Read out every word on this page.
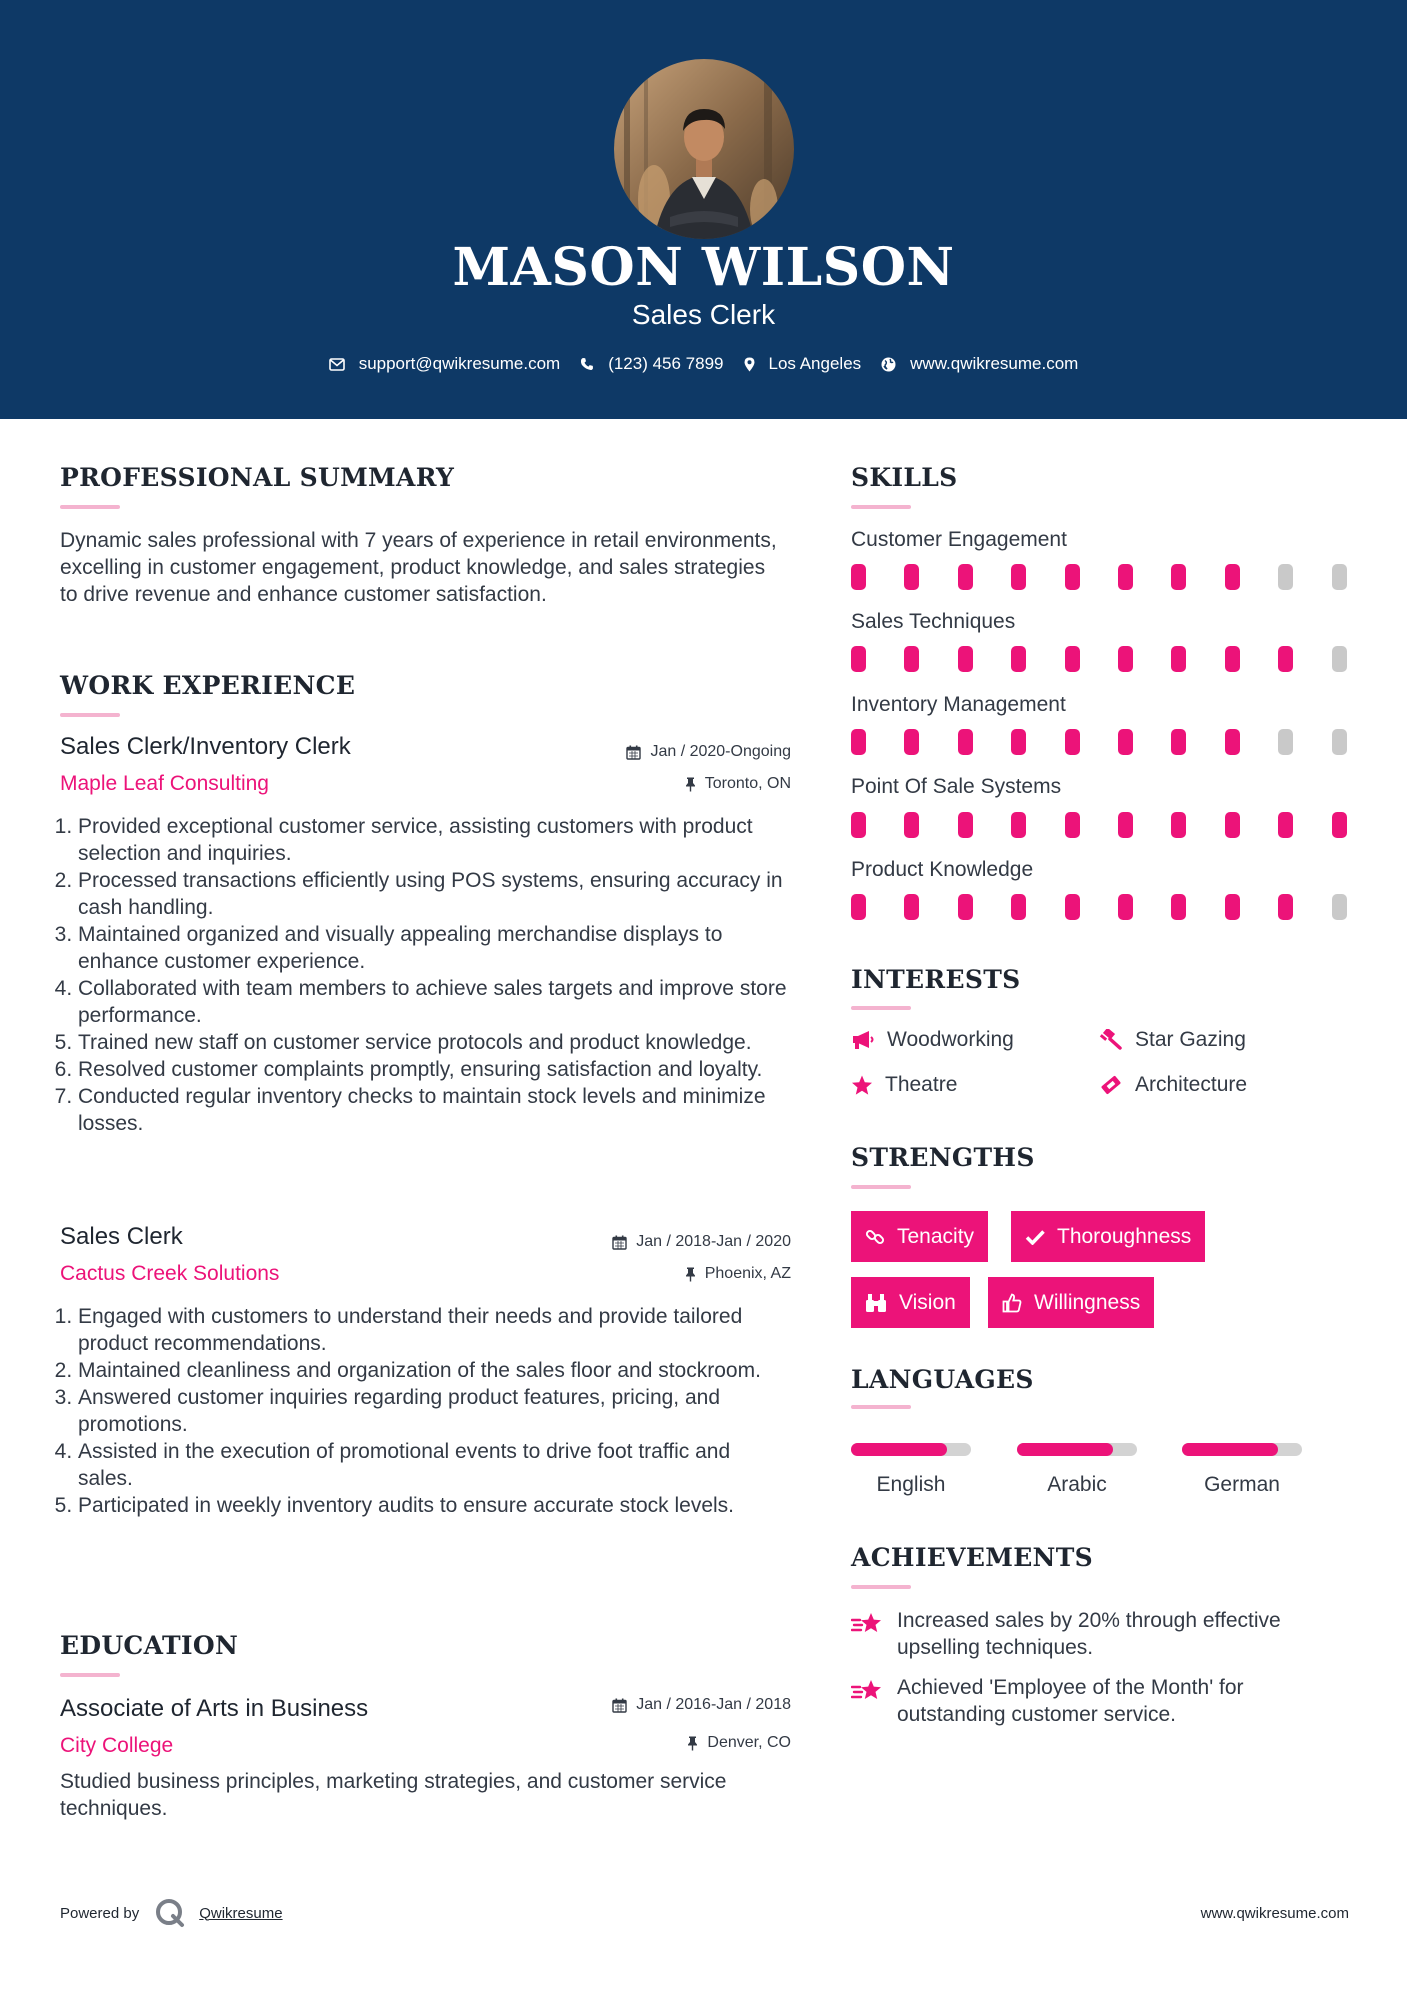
MASON WILSON
Sales Clerk
support@qwikresume.com	(123) 456 7899	Los Angeles	www.qwikresume.com
PROFESSIONAL SUMMARY
Dynamic sales professional with 7 years of experience in retail environments, excelling in customer engagement, product knowledge, and sales strategies to drive revenue and enhance customer satisfaction.
WORK EXPERIENCE
Sales Clerk/Inventory Clerk	Jan / 2020-Ongoing
Maple Leaf Consulting	Toronto, ON
1. Provided exceptional customer service, assisting customers with product selection and inquiries.
2. Processed transactions efficiently using POS systems, ensuring accuracy in cash handling.
3. Maintained organized and visually appealing merchandise displays to enhance customer experience.
4. Collaborated with team members to achieve sales targets and improve store performance.
5. Trained new staff on customer service protocols and product knowledge.
6. Resolved customer complaints promptly, ensuring satisfaction and loyalty.
7. Conducted regular inventory checks to maintain stock levels and minimize losses.
Sales Clerk	Jan / 2018-Jan / 2020
Cactus Creek Solutions	Phoenix, AZ
1. Engaged with customers to understand their needs and provide tailored product recommendations.
2. Maintained cleanliness and organization of the sales floor and stockroom.
3. Answered customer inquiries regarding product features, pricing, and promotions.
4. Assisted in the execution of promotional events to drive foot traffic and sales.
5. Participated in weekly inventory audits to ensure accurate stock levels.
EDUCATION
Associate of Arts in Business	Jan / 2016-Jan / 2018
City College	Denver, CO
Studied business principles, marketing strategies, and customer service techniques.
SKILLS
Customer Engagement
Sales Techniques
Inventory Management
Point Of Sale Systems
Product Knowledge
INTERESTS
Woodworking	Star Gazing
Theatre	Architecture
STRENGTHS
Tenacity	Thoroughness
Vision	Willingness
LANGUAGES
English	Arabic	German
ACHIEVEMENTS
Increased sales by 20% through effective upselling techniques.
Achieved 'Employee of the Month' for outstanding customer service.
Powered by	Qwikresume	www.qwikresume.com
